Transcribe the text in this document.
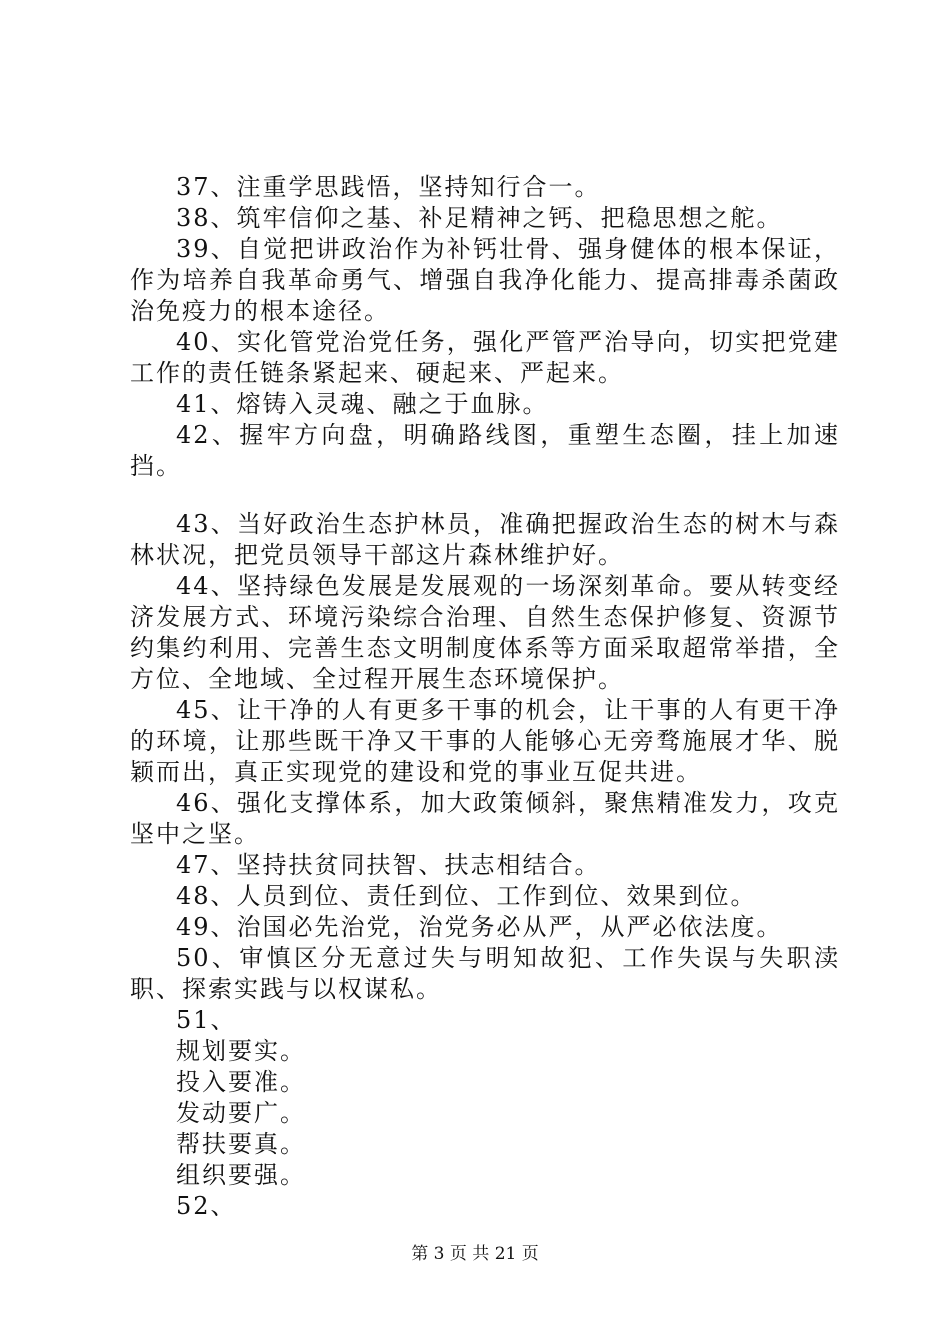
37、注重学思践悟，坚持知行合一。

38、筑牢信仰之基、补足精神之钙、把稳思想之舵。

39、自觉把讲政治作为补钙壮骨、强身健体的根本保证，作为培养自我革命勇气、增强自我净化能力、提高排毒杀菌政治免疫力的根本途径。

40、实化管党治党任务，强化严管严治导向，切实把党建工作的责任链条紧起来、硬起来、严起来。

41、熔铸入灵魂、融之于血脉。

42、握牢方向盘，明确路线图，重塑生态圈，挂上加速挡。

43、当好政治生态护林员，准确把握政治生态的树木与森林状况，把党员领导干部这片森林维护好。

44、坚持绿色发展是发展观的一场深刻革命。要从转变经济发展方式、环境污染综合治理、自然生态保护修复、资源节约集约利用、完善生态文明制度体系等方面采取超常举措，全方位、全地域、全过程开展生态环境保护。

45、让干净的人有更多干事的机会，让干事的人有更干净的环境，让那些既干净又干事的人能够心无旁骛施展才华、脱颖而出，真正实现党的建设和党的事业互促共进。

46、强化支撑体系，加大政策倾斜，聚焦精准发力，攻克坚中之坚。

47、坚持扶贫同扶智、扶志相结合。

48、人员到位、责任到位、工作到位、效果到位。

49、治国必先治党，治党务必从严，从严必依法度。

50、审慎区分无意过失与明知故犯、工作失误与失职渎职、探索实践与以权谋私。

51、

规划要实。

投入要准。

发动要广。

帮扶要真。

组织要强。

52、

第 3 页 共 21 页
